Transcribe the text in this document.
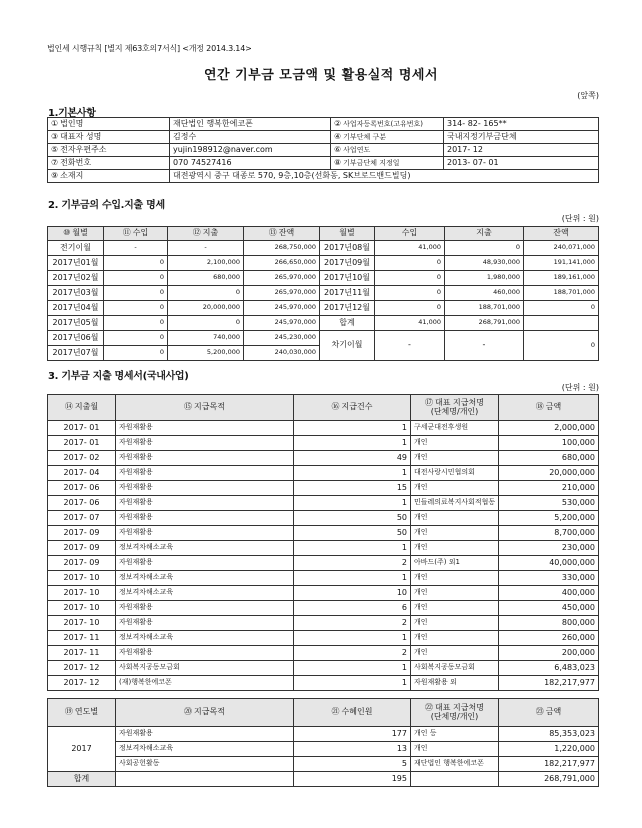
법인세 시행규칙 [별지 제63호의7서식] <개정 2014.3.14>
연간 기부금 모금액 및 활용실적 명세서
(앞쪽)
1.기본사항
① 법인명	재단법인 행복한에코폰	② 사업자등록번호(고유번호)	314- 82- 165**
③ 대표자 성명	김정수	④ 기부단체 구분	국내지정기부금단체
⑤ 전자우편주소	yujin198912@naver.com	⑥ 사업연도	2017- 12
⑦ 전화번호	070 74527416	⑧ 기부금단체 지정일	2013- 07- 01
⑨ 소재지	대전광역시 중구 대종로 570, 9층,10층(선화동, SK브로드밴드빌딩)		
2. 기부금의 수입.지출 명세
(단위 : 원)
⑩ 월별	⑪ 수입	⑫ 지출	⑬ 잔액	월별	수입	지출	잔액
전기이월	-	-	268,750,000	2017년08월	41,000	0	240,071,000
2017년01월	0	2,100,000	266,650,000	2017년09월	0	48,930,000	191,141,000
2017년02월	0	680,000	265,970,000	2017년10월	0	1,980,000	189,161,000
2017년03월	0	0	265,970,000	2017년11월	0	460,000	188,701,000
2017년04월	0	20,000,000	245,970,000	2017년12월	0	188,701,000	0
2017년05월	0	0	245,970,000	합계	41,000	268,791,000	
2017년06월	0	740,000	245,230,000	차기이월	-	-	0
2017년07월	0	5,200,000	240,030,000				
3. 기부금 지출 명세서(국내사업)
(단위 : 원)
⑭ 지출월	⑮ 지급목적	⑯ 지급건수	⑰ 대표 지급처명
(단체명/개인)	⑱ 금액
2017- 01	자원재활용	1	구세군대전후생원	2,000,000
2017- 01	자원재활용	1	개인	100,000
2017- 02	자원재활용	49	개인	680,000
2017- 04	자원재활용	1	대전사랑시민협의회	20,000,000
2017- 06	자원재활용	15	개인	210,000
2017- 06	자원재활용	1	민들레의료복지사회적협동	530,000
2017- 07	자원재활용	50	개인	5,200,000
2017- 09	자원재활용	50	개인	8,700,000
2017- 09	정보격차해소교육	1	개인	230,000
2017- 09	자원재활용	2	아바드(주) 외1	40,000,000
2017- 10	정보격차해소교육	1	개인	330,000
2017- 10	정보격차해소교육	10	개인	400,000
2017- 10	자원재활용	6	개인	450,000
2017- 10	자원재활용	2	개인	800,000
2017- 11	정보격차해소교육	1	개인	260,000
2017- 11	자원재활용	2	개인	200,000
2017- 12	사회복지공동모금회	1	사회복지공동모금회	6,483,023
2017- 12	(재)행복한에코폰	1	자원재활용 외	182,217,977
⑲ 연도별	⑳ 지급목적	㉑ 수혜인원	㉒ 대표 지급처명
(단체명/개인)	㉓ 금액
2017	자원재활용	177	개인 등	85,353,023
	정보격차해소교육	13	개인	1,220,000
	사회공헌활동	5	재단법인 행복한에코폰	182,217,977
합계		195		268,791,000
